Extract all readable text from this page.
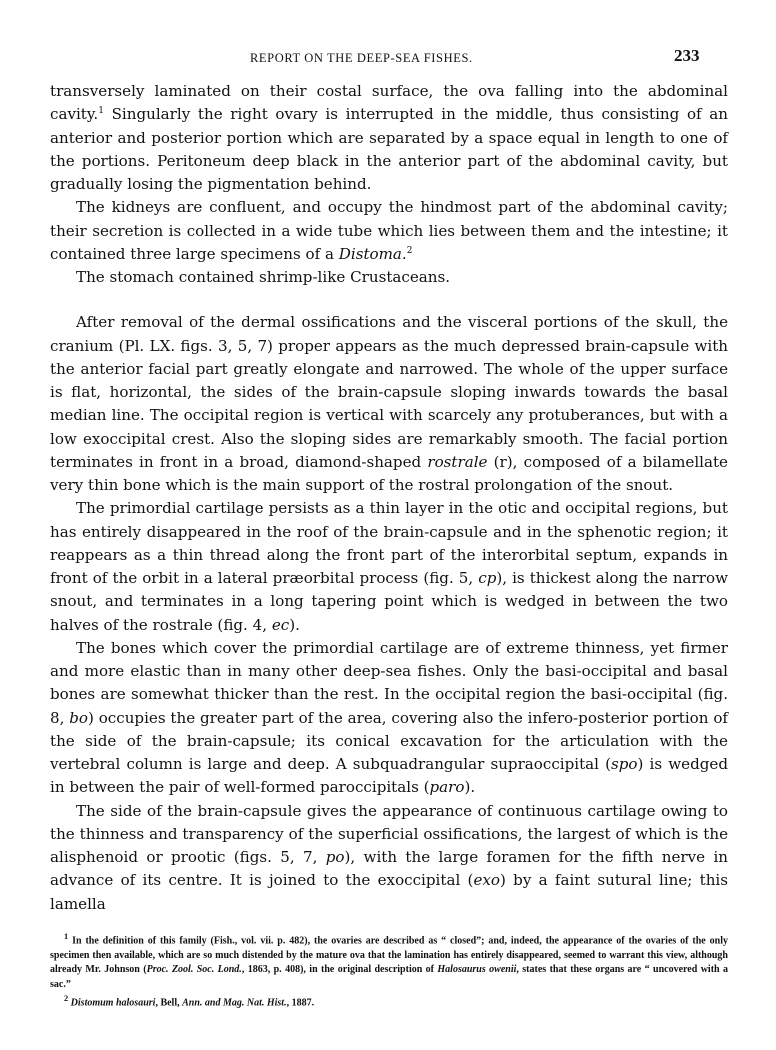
REPORT ON THE DEEP-SEA FISHES.	233

transversely laminated on their costal surface, the ova falling into the abdominal cavity.$^1$ Singularly the right ovary is interrupted in the middle, thus consisting of an anterior and posterior portion which are separated by a space equal in length to one of the portions. Peritoneum deep black in the anterior part of the abdominal cavity, but gradually losing the pigmentation behind.

The kidneys are confluent, and occupy the hindmost part of the abdominal cavity; their secretion is collected in a wide tube which lies between them and the intestine; it contained three large specimens of a Distoma.$^2$

The stomach contained shrimp-like Crustaceans.

After removal of the dermal ossifications and the visceral portions of the skull, the cranium (Pl. LX. figs. 3, 5, 7) proper appears as the much depressed brain-capsule with the anterior facial part greatly elongate and narrowed. The whole of the upper surface is flat, horizontal, the sides of the brain-capsule sloping inwards towards the basal median line. The occipital region is vertical with scarcely any protuberances, but with a low exoccipital crest. Also the sloping sides are remarkably smooth. The facial portion terminates in front in a broad, diamond-shaped rostrale (r), composed of a bilamellate very thin bone which is the main support of the rostral prolongation of the snout.

The primordial cartilage persists as a thin layer in the otic and occipital regions, but has entirely disappeared in the roof of the brain-capsule and in the sphenotic region; it reappears as a thin thread along the front part of the interorbital septum, expands in front of the orbit in a lateral præorbital process (fig. 5, cp), is thickest along the narrow snout, and terminates in a long tapering point which is wedged in between the two halves of the rostrale (fig. 4, ec).

The bones which cover the primordial cartilage are of extreme thinness, yet firmer and more elastic than in many other deep-sea fishes. Only the basi-occipital and basal bones are somewhat thicker than the rest. In the occipital region the basi-occipital (fig. 8, bo) occupies the greater part of the area, covering also the infero-posterior portion of the side of the brain-capsule; its conical excavation for the articulation with the vertebral column is large and deep. A subquadrangular supraoccipital (spo) is wedged in between the pair of well-formed paroccipitals (paro).

The side of the brain-capsule gives the appearance of continuous cartilage owing to the thinness and transparency of the superficial ossifications, the largest of which is the alisphenoid or prootic (figs. 5, 7, po), with the large foramen for the fifth nerve in advance of its centre. It is joined to the exoccipital (exo) by a faint sutural line; this lamella

$^1$ In the definition of this family (Fish., vol. vii. p. 482), the ovaries are described as “ closed”; and, indeed, the appearance of the ovaries of the only specimen then available, which are so much distended by the mature ova that the lamination has entirely disappeared, seemed to warrant this view, although already Mr. Johnson (Proc. Zool. Soc. Lond., 1863, p. 408), in the original description of Halosaurus owenii, states that these organs are “ uncovered with a sac.”

$^2$ Distomum halosauri, Bell, Ann. and Mag. Nat. Hist., 1887.
